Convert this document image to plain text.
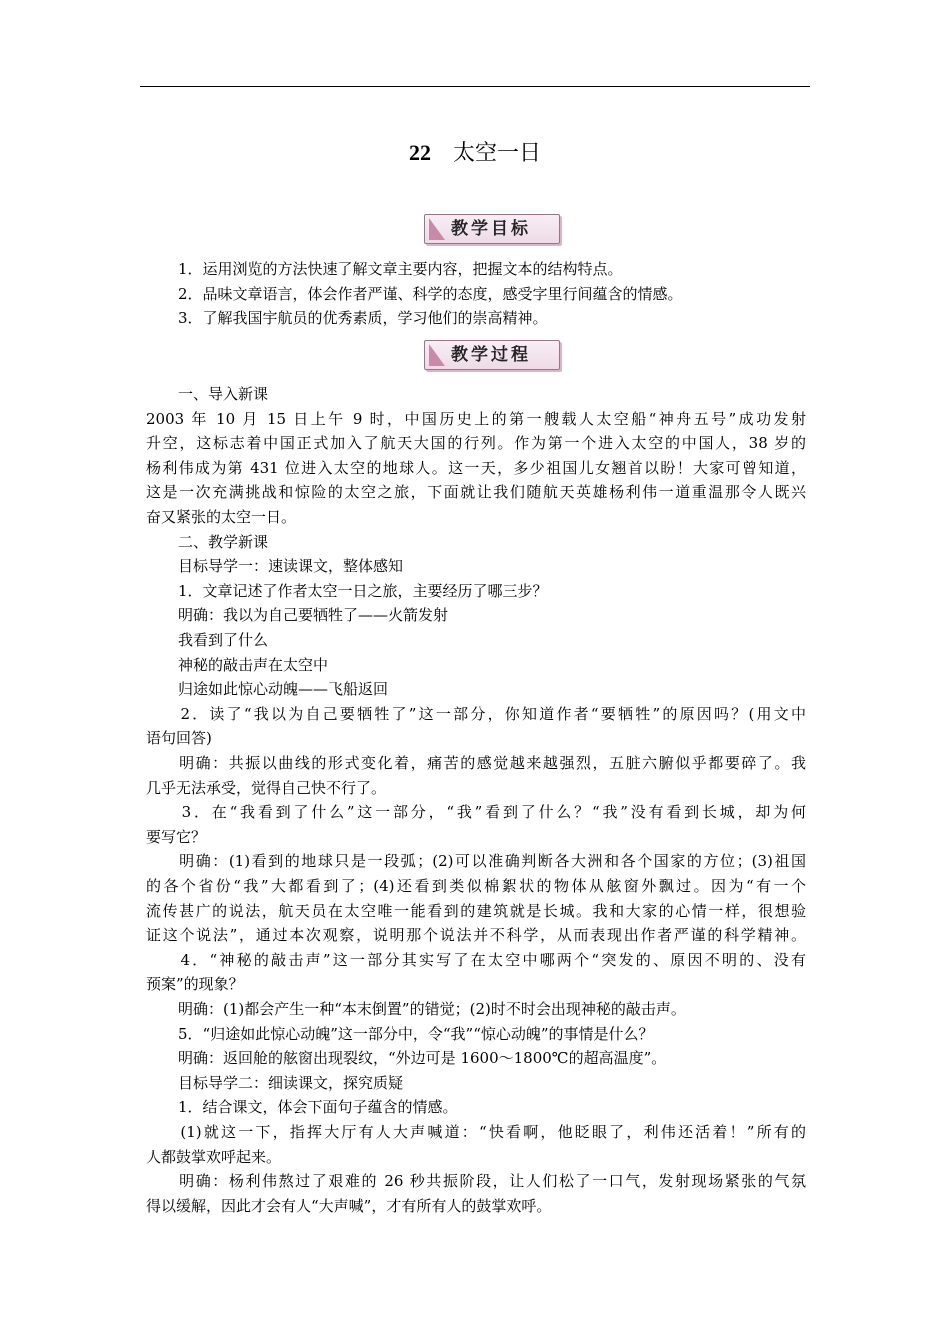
22 太空一日
教学目标
1．运用浏览的方法快速了解文章主要内容，把握文本的结构特点。
2．品味文章语言，体会作者严谨、科学的态度，感受字里行间蕴含的情感。
3．了解我国宇航员的优秀素质，学习他们的崇高精神。
教学过程
一、导入新课
2003 年 10 月 15 日上午 9 时，中国历史上的第一艘载人太空船“神舟五号”成功发射
升空，这标志着中国正式加入了航天大国的行列。作为第一个进入太空的中国人，38 岁的
杨利伟成为第 431 位进入太空的地球人。这一天，多少祖国儿女翘首以盼！大家可曾知道，
这是一次充满挑战和惊险的太空之旅，下面就让我们随航天英雄杨利伟一道重温那令人既兴
奋又紧张的太空一日。
二、教学新课
目标导学一：速读课文，整体感知
1．文章记述了作者太空一日之旅，主要经历了哪三步？
明确：我以为自己要牺牲了——火箭发射
我看到了什么
神秘的敲击声在太空中
归途如此惊心动魄——飞船返回
　　2．读了“我以为自己要牺牲了”这一部分，你知道作者“要牺牲”的原因吗？(用文中
语句回答)
　　明确：共振以曲线的形式变化着，痛苦的感觉越来越强烈，五脏六腑似乎都要碎了。我
几乎无法承受，觉得自己快不行了。
　　3．在“我看到了什么”这一部分，“我”看到了什么？“我”没有看到长城，却为何
要写它？
　　明确：(1)看到的地球只是一段弧；(2)可以准确判断各大洲和各个国家的方位；(3)祖国
的各个省份“我”大都看到了；(4)还看到类似棉絮状的物体从舷窗外飘过。因为“有一个
流传甚广的说法，航天员在太空唯一能看到的建筑就是长城。我和大家的心情一样，很想验
证这个说法”，通过本次观察，说明那个说法并不科学，从而表现出作者严谨的科学精神。
　　4．“神秘的敲击声”这一部分其实写了在太空中哪两个“突发的、原因不明的、没有
预案”的现象？
明确：(1)都会产生一种“本末倒置”的错觉；(2)时不时会出现神秘的敲击声。
5．“归途如此惊心动魄”这一部分中，令“我”“惊心动魄”的事情是什么？
明确：返回舱的舷窗出现裂纹，“外边可是 1600～1800℃的超高温度”。
目标导学二：细读课文，探究质疑
1．结合课文，体会下面句子蕴含的情感。
　　(1)就这一下，指挥大厅有人大声喊道：“快看啊，他眨眼了，利伟还活着！”所有的
人都鼓掌欢呼起来。
　　明确：杨利伟熬过了艰难的 26 秒共振阶段，让人们松了一口气，发射现场紧张的气氛
得以缓解，因此才会有人“大声喊”，才有所有人的鼓掌欢呼。
